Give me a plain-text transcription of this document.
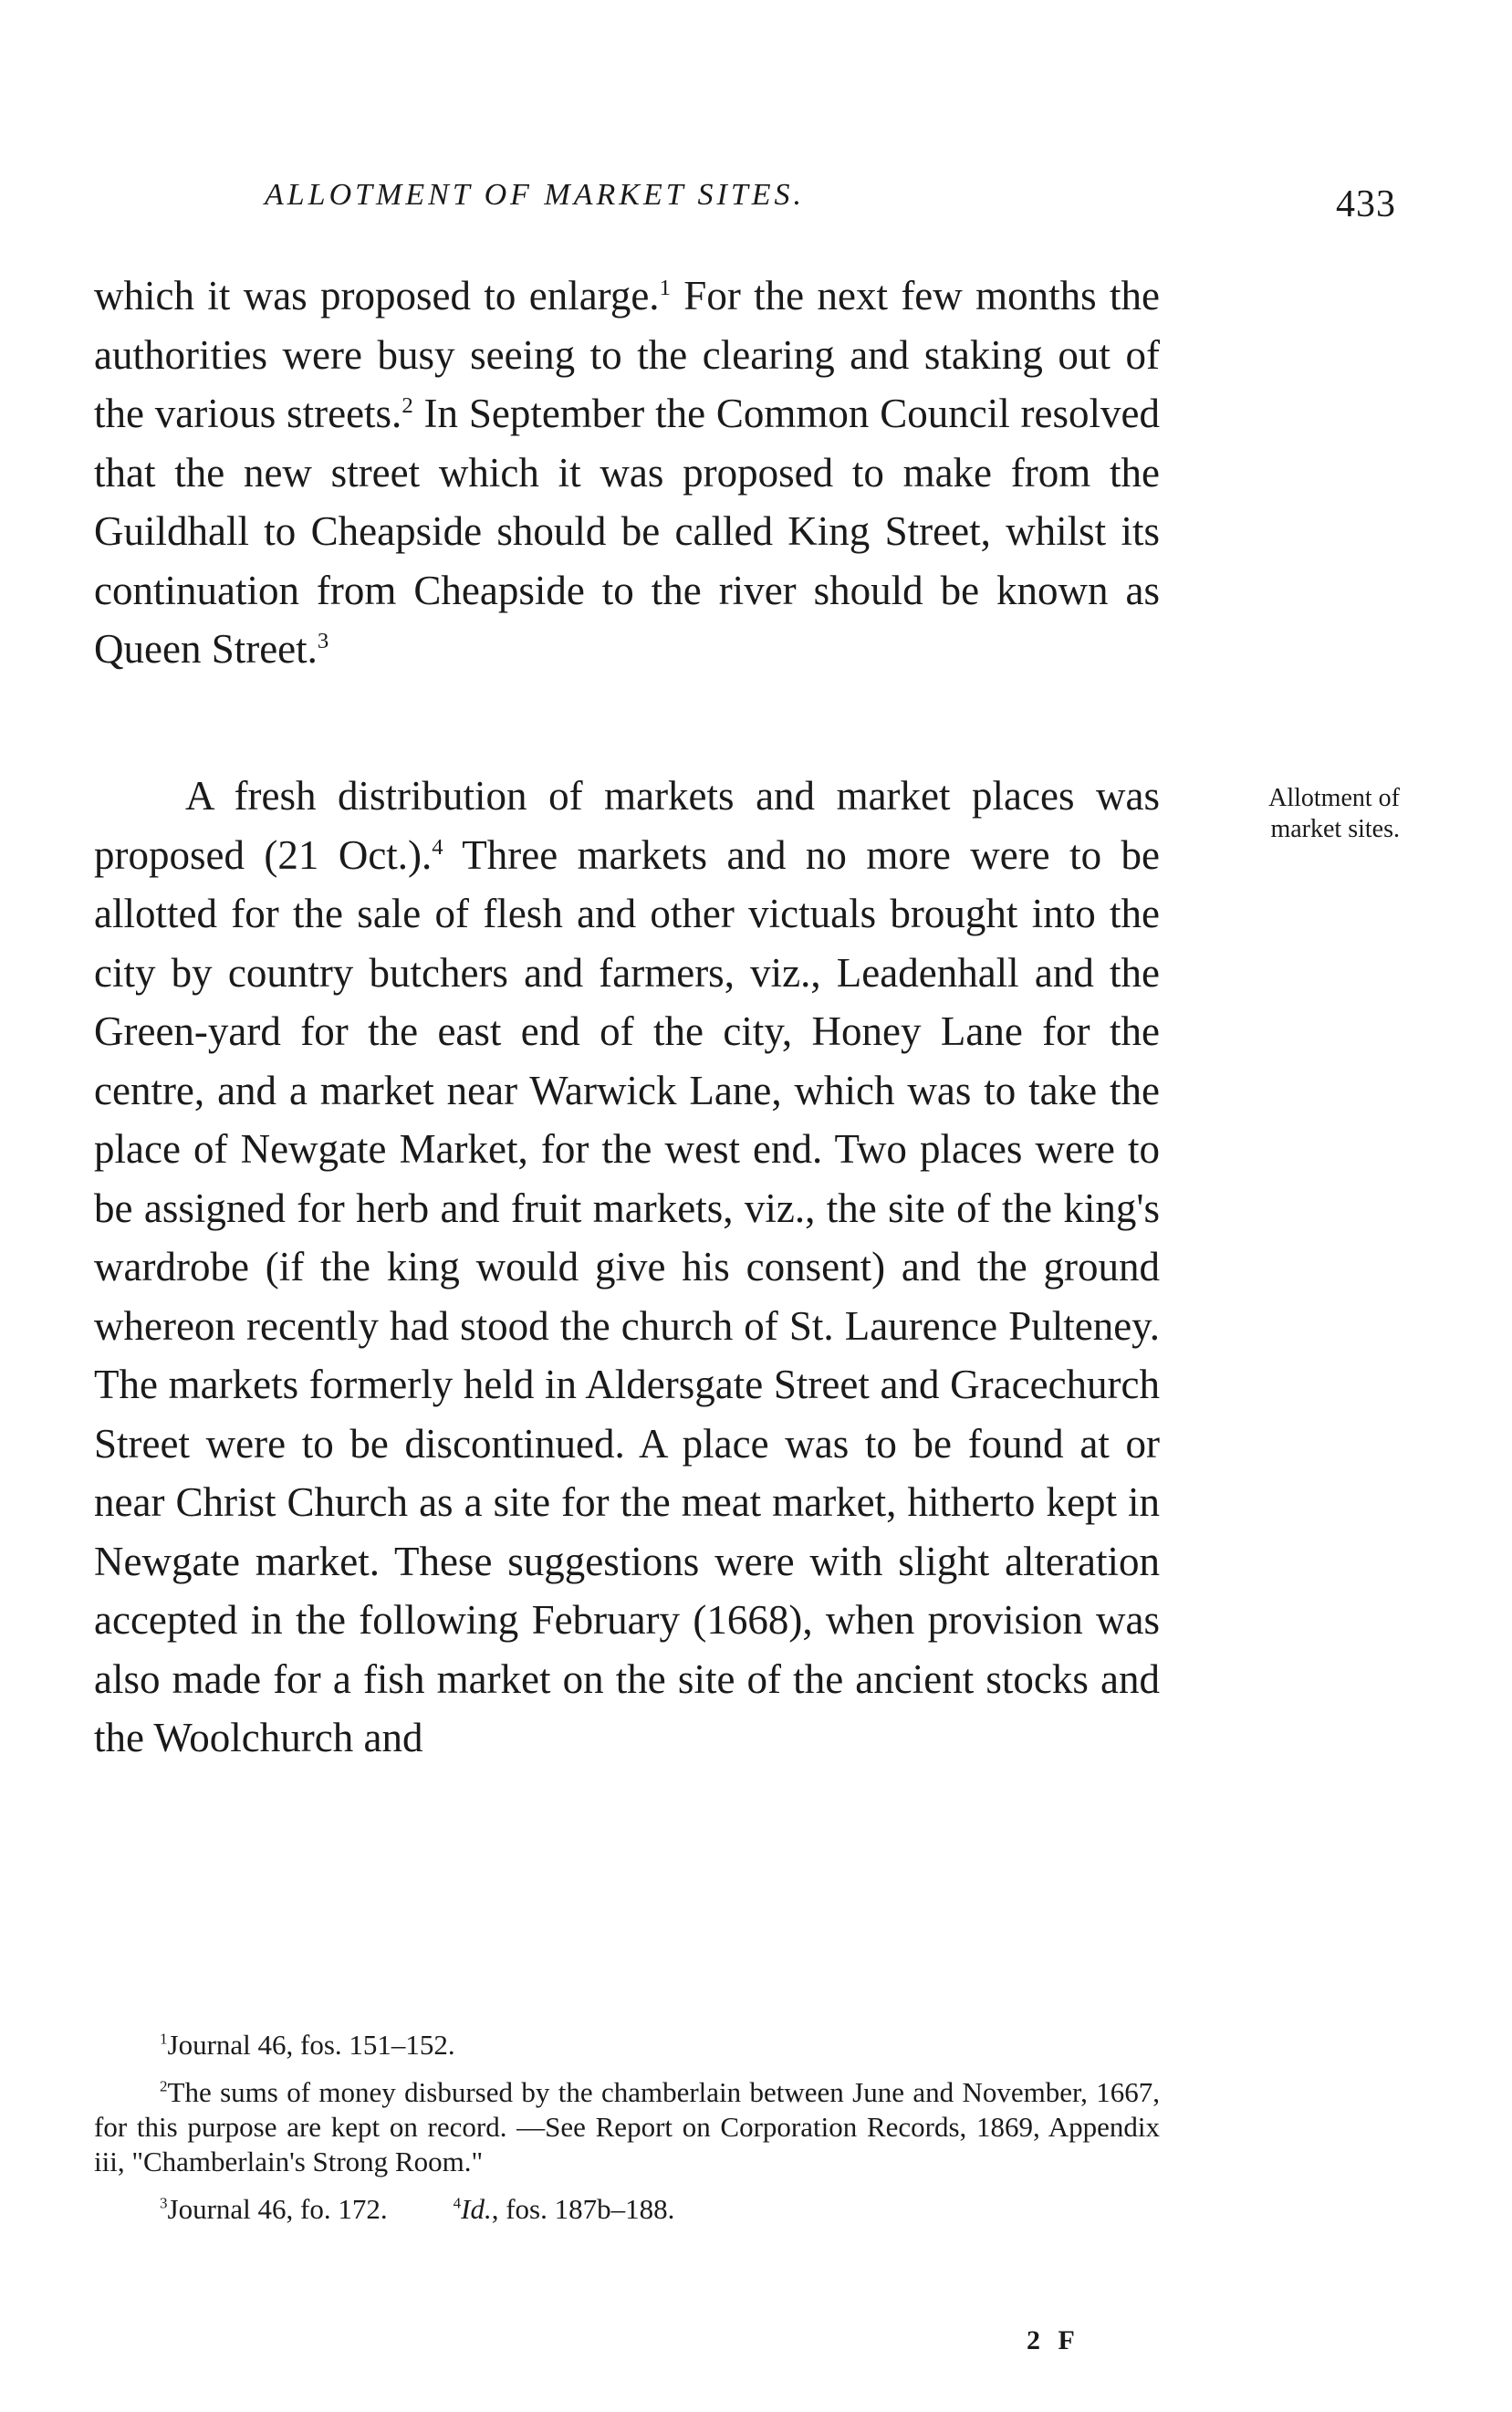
ALLOTMENT OF MARKET SITES.	433

which it was proposed to enlarge.$^1$ For the next few months the authorities were busy seeing to the clearing and staking out of the various streets.$^2$ In September the Common Council resolved that the new street which it was proposed to make from the Guildhall to Cheapside should be called King Street, whilst its continuation from Cheapside to the river should be known as Queen Street.$^3$

A fresh distribution of markets and market places was proposed (21 Oct.).$^4$ Three markets and no more were to be allotted for the sale of flesh and other victuals brought into the city by country butchers and farmers, viz., Leadenhall and the Green-yard for the east end of the city, Honey Lane for the centre, and a market near Warwick Lane, which was to take the place of Newgate Market, for the west end. Two places were to be assigned for herb and fruit markets, viz., the site of the king's wardrobe (if the king would give his consent) and the ground whereon recently had stood the church of St. Laurence Pulteney. The markets formerly held in Aldersgate Street and Gracechurch Street were to be discontinued. A place was to be found at or near Christ Church as a site for the meat market, hitherto kept in Newgate market. These suggestions were with slight alteration accepted in the following February (1668), when provision was also made for a fish market on the site of the ancient stocks and the Woolchurch and

Allotment of
market sites.

$^1$Journal 46, fos. 151–152.

$^2$The sums of money disbursed by the chamberlain between June and November, 1667, for this purpose are kept on record. —See Report on Corporation Records, 1869, Appendix iii, "Chamberlain's Strong Room."

$^3$Journal 46, fo. 172.	$^4$Id., fos. 187b–188.
2 F
